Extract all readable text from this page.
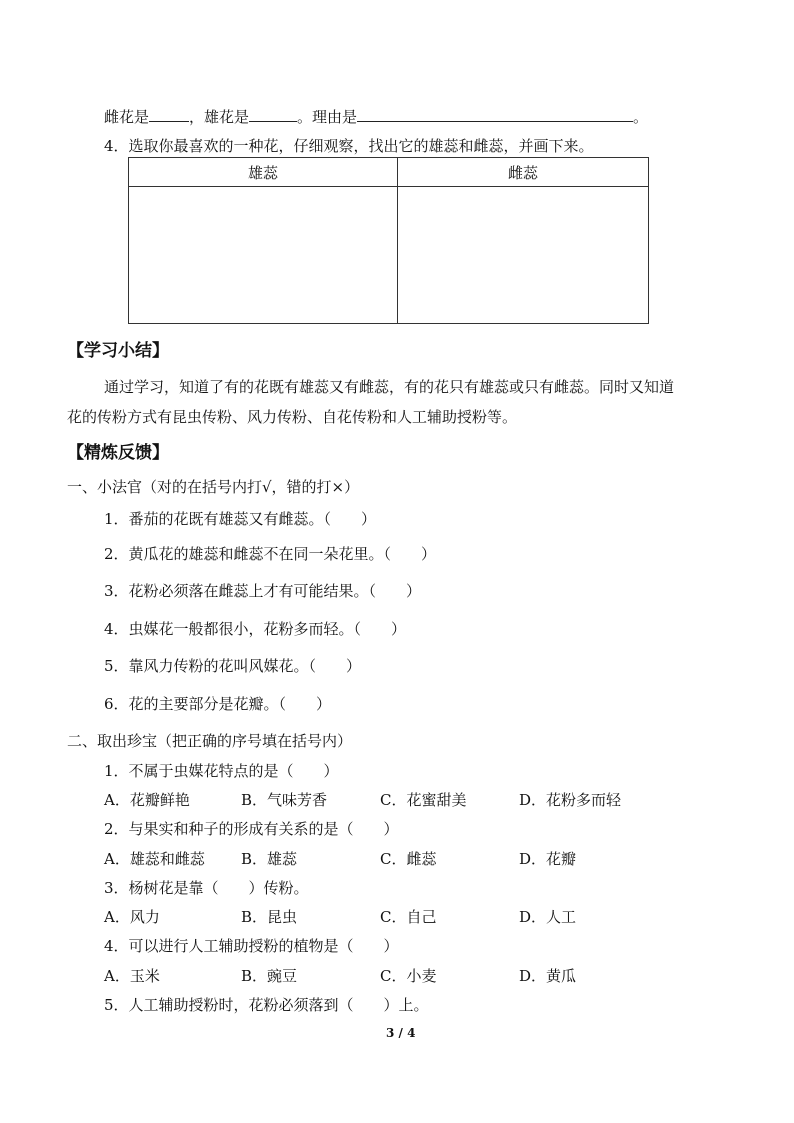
雌花是	，雄花是	。理由是	。
4．选取你最喜欢的一种花，仔细观察，找出它的雄蕊和雌蕊，并画下来。
雄蕊	雌蕊

【学习小结】
通过学习，知道了有的花既有雄蕊又有雌蕊，有的花只有雄蕊或只有雌蕊。同时又知道
花的传粉方式有昆虫传粉、风力传粉、自花传粉和人工辅助授粉等。
【精炼反馈】
一、小法官（对的在括号内打√，错的打×）
1．番茄的花既有雄蕊又有雌蕊。（　　）
2．黄瓜花的雄蕊和雌蕊不在同一朵花里。（　　）
3．花粉必须落在雌蕊上才有可能结果。（　　）
4．虫媒花一般都很小，花粉多而轻。（　　）
5．靠风力传粉的花叫风媒花。（　　）
6．花的主要部分是花瓣。（　　）
二、取出珍宝（把正确的序号填在括号内）
1．不属于虫媒花特点的是（　　）
A．花瓣鲜艳	B．气味芳香	C．花蜜甜美	D．花粉多而轻
2．与果实和种子的形成有关系的是（　　）
A．雄蕊和雌蕊 B．雄蕊	C．雌蕊	D．花瓣
3．杨树花是靠（　　）传粉。
A．风力	B．昆虫	C．自己	D．人工
4．可以进行人工辅助授粉的植物是（　　）
A．玉米	B．豌豆	C．小麦	D．黄瓜
5．人工辅助授粉时，花粉必须落到（　　）上。
3 / 4
